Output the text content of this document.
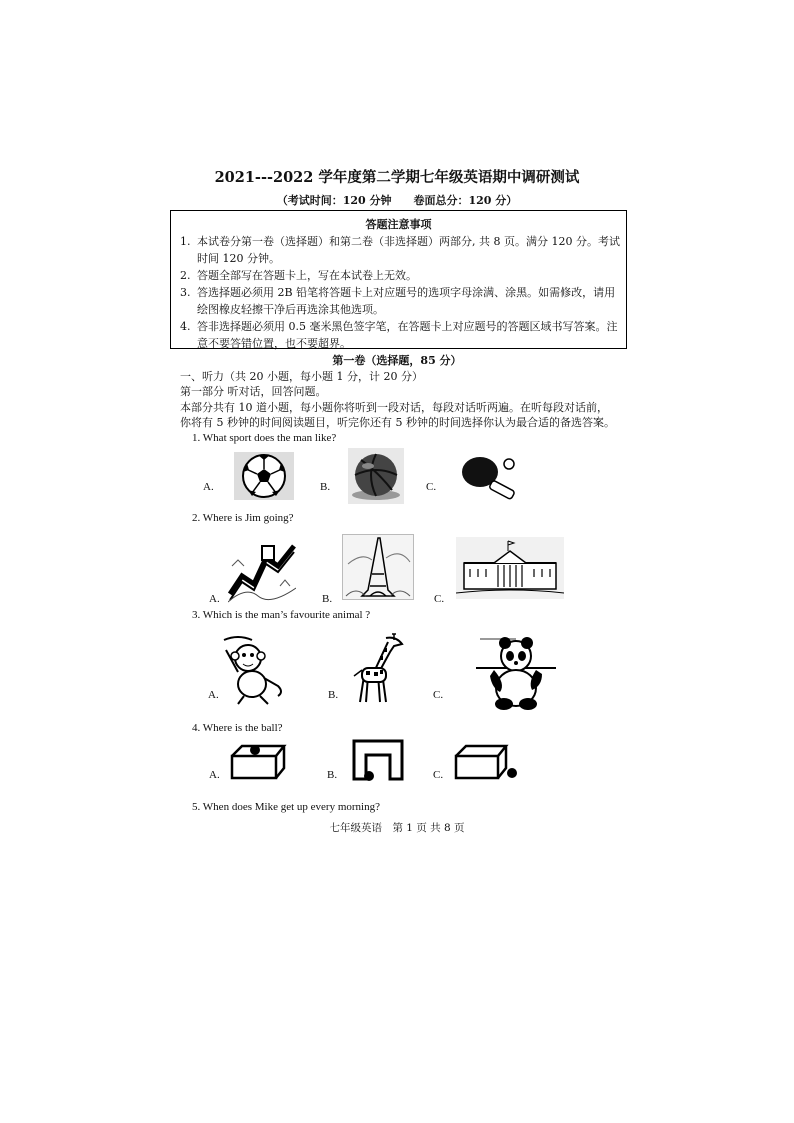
2021---2022 学年度第二学期七年级英语期中调研测试
（考试时间：120 分钟　　卷面总分：120 分）
答题注意事项
1. 本试卷分第一卷（选择题）和第二卷（非选择题）两部分, 共 8 页。满分 120 分。考试时间 120 分钟。
2. 答题全部写在答题卡上，写在本试卷上无效。
3. 答选择题必须用 2B 铅笔将答题卡上对应题号的选项字母涂满、涂黑。如需修改，请用绘图橡皮轻擦干净后再选涂其他选项。
4. 答非选择题必须用 0.5 毫米黑色签字笔，在答题卡上对应题号的答题区域书写答案。注意不要答错位置，也不要超界。
第一卷（选择题，85 分）
一、听力（共 20 小题，每小题 1 分，计 20 分）
第一部分 听对话，回答问题。
本部分共有 10 道小题，每小题你将听到一段对话，每段对话听两遍。在听每段对话前，
你将有 5 秒钟的时间阅读题目，听完你还有 5 秒钟的时间选择你认为最合适的备选答案。
1. What sport does the man like?
A.	B.	C.
2. Where is Jim going?
A.	B.	C.
3. Which is the man’s favourite animal ?
A.	B.	C.
4. Where is the ball?
A.	B.	C.
5. When does Mike get up every morning?
七年级英语　第 1 页 共 8 页
